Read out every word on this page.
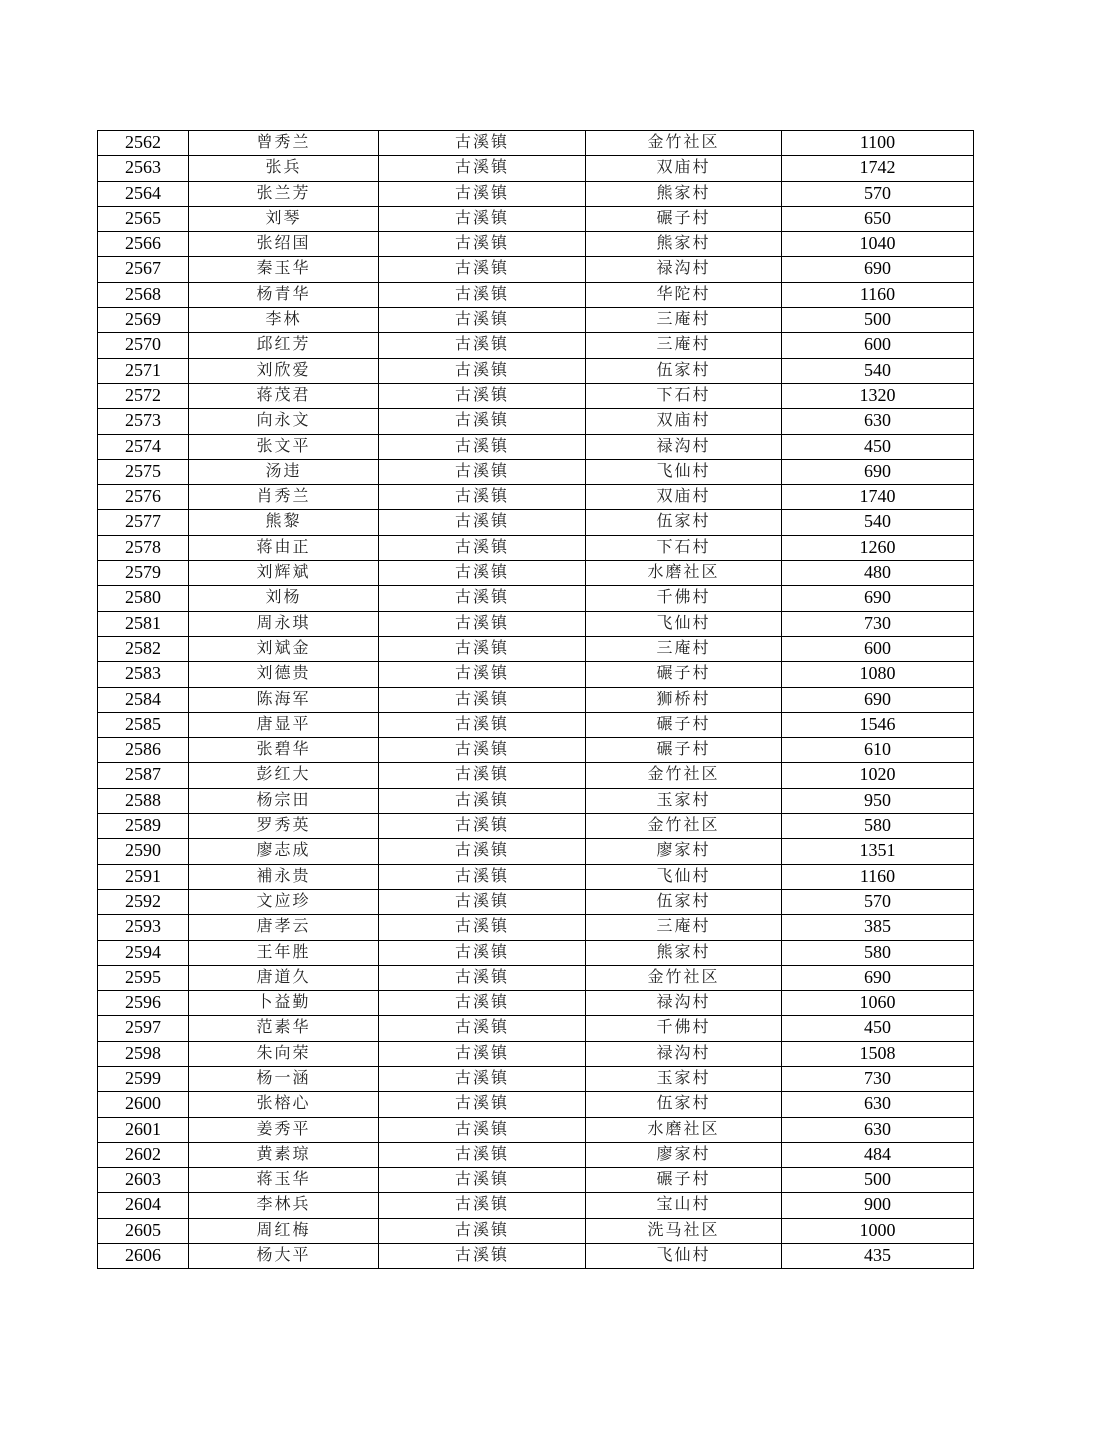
2562	曾秀兰	古溪镇	金竹社区	1100
2563	张兵	古溪镇	双庙村	1742
2564	张兰芳	古溪镇	熊家村	570
2565	刘琴	古溪镇	碾子村	650
2566	张绍国	古溪镇	熊家村	1040
2567	秦玉华	古溪镇	禄沟村	690
2568	杨青华	古溪镇	华陀村	1160
2569	李林	古溪镇	三庵村	500
2570	邱红芳	古溪镇	三庵村	600
2571	刘欣爱	古溪镇	伍家村	540
2572	蒋茂君	古溪镇	下石村	1320
2573	向永文	古溪镇	双庙村	630
2574	张文平	古溪镇	禄沟村	450
2575	汤违	古溪镇	飞仙村	690
2576	肖秀兰	古溪镇	双庙村	1740
2577	熊黎	古溪镇	伍家村	540
2578	蒋由正	古溪镇	下石村	1260
2579	刘辉斌	古溪镇	水磨社区	480
2580	刘杨	古溪镇	千佛村	690
2581	周永琪	古溪镇	飞仙村	730
2582	刘斌金	古溪镇	三庵村	600
2583	刘德贵	古溪镇	碾子村	1080
2584	陈海军	古溪镇	狮桥村	690
2585	唐显平	古溪镇	碾子村	1546
2586	张碧华	古溪镇	碾子村	610
2587	彭红大	古溪镇	金竹社区	1020
2588	杨宗田	古溪镇	玉家村	950
2589	罗秀英	古溪镇	金竹社区	580
2590	廖志成	古溪镇	廖家村	1351
2591	補永贵	古溪镇	飞仙村	1160
2592	文应珍	古溪镇	伍家村	570
2593	唐孝云	古溪镇	三庵村	385
2594	王年胜	古溪镇	熊家村	580
2595	唐道久	古溪镇	金竹社区	690
2596	卜益勤	古溪镇	禄沟村	1060
2597	范素华	古溪镇	千佛村	450
2598	朱向荣	古溪镇	禄沟村	1508
2599	杨一涵	古溪镇	玉家村	730
2600	张榕心	古溪镇	伍家村	630
2601	姜秀平	古溪镇	水磨社区	630
2602	黄素琼	古溪镇	廖家村	484
2603	蒋玉华	古溪镇	碾子村	500
2604	李林兵	古溪镇	宝山村	900
2605	周红梅	古溪镇	洗马社区	1000
2606	杨大平	古溪镇	飞仙村	435
